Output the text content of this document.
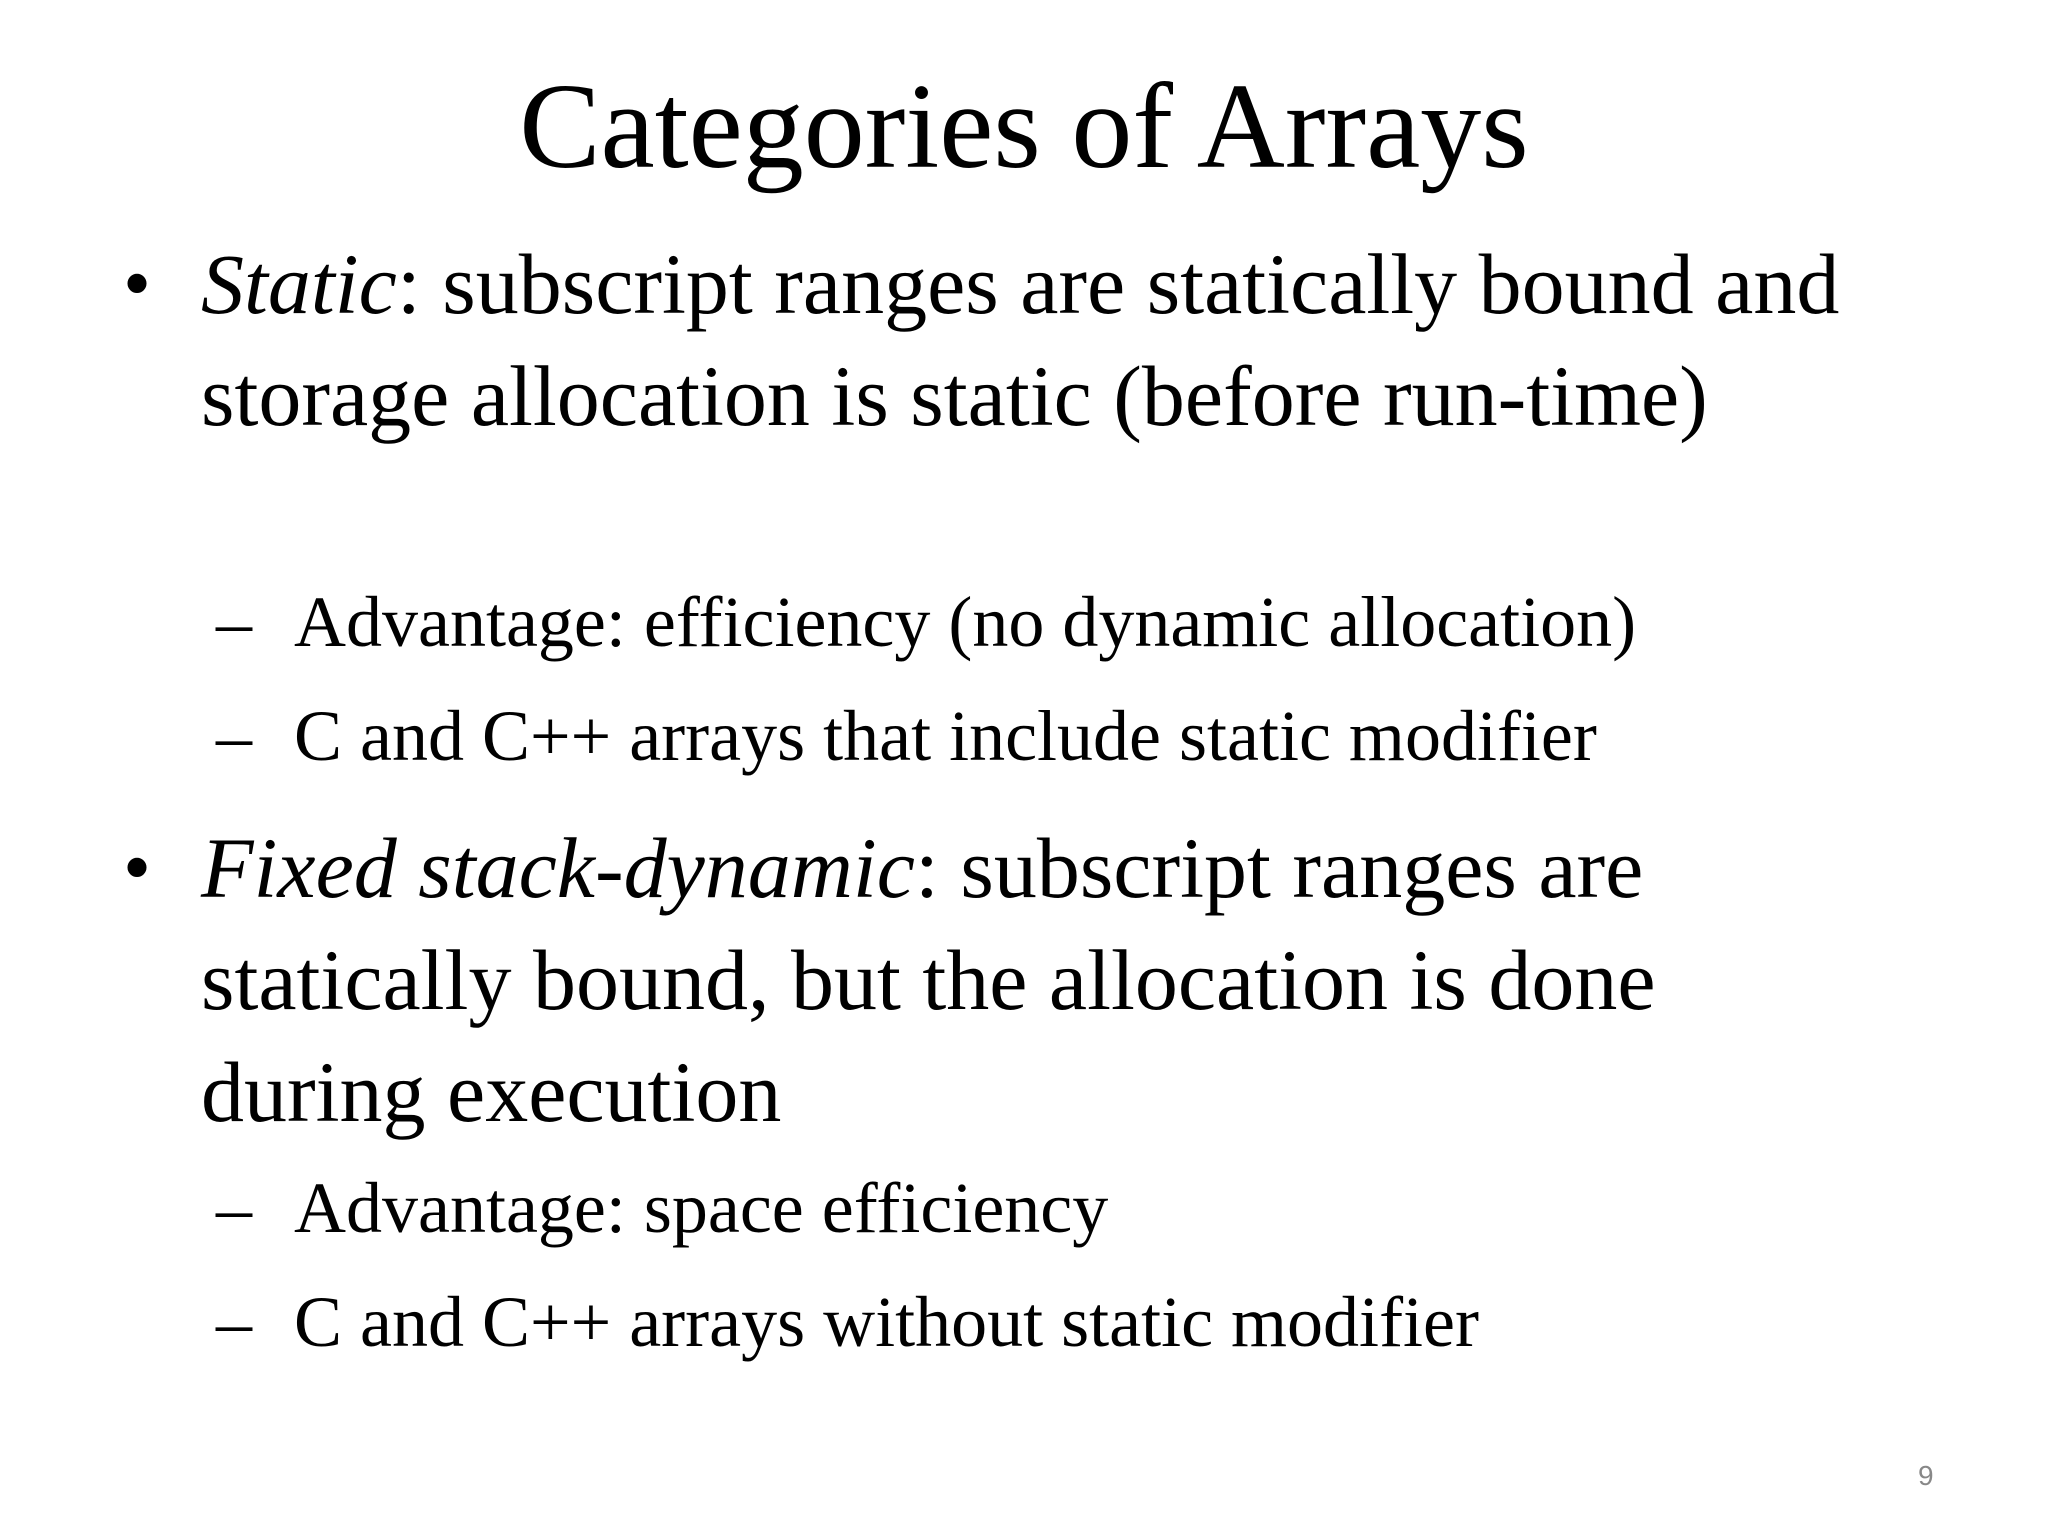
Categories of Arrays
• Static: subscript ranges are statically bound and storage allocation is static (before run-time)
– Advantage: efficiency (no dynamic allocation)
– C and C++ arrays that include static modifier
• Fixed stack-dynamic: subscript ranges are statically bound, but the allocation is done during execution
– Advantage: space efficiency
– C and C++ arrays without static modifier
9
